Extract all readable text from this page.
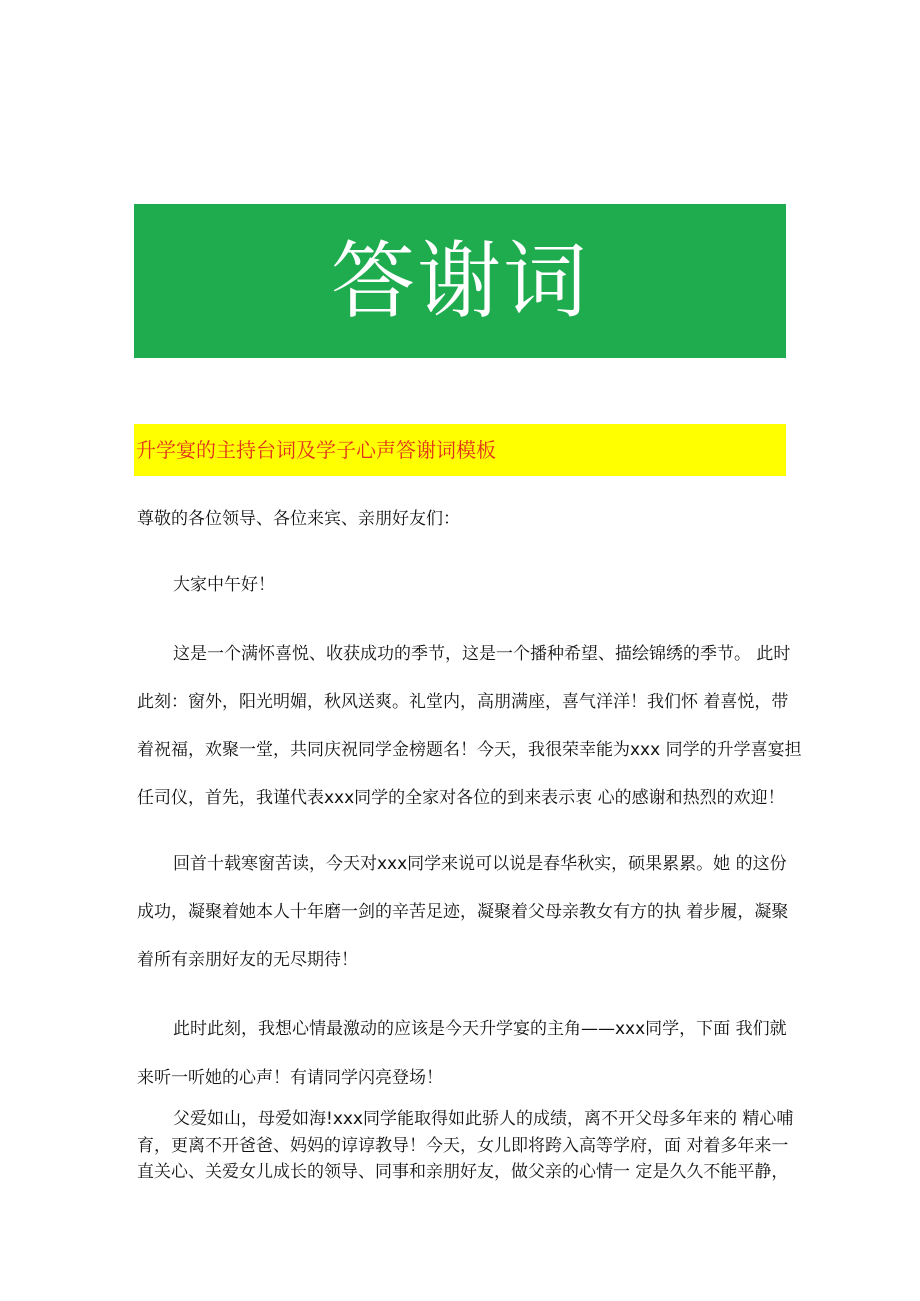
答谢词
升学宴的主持台词及学子心声答谢词模板
尊敬的各位领导、各位来宾、亲朋好友们：
大家中午好！
这是一个满怀喜悦、收获成功的季节，这是一个播种希望、描绘锦绣的季节。 此时
此刻：窗外，阳光明媚，秋风送爽。礼堂内，高朋满座，喜气洋洋！我们怀 着喜悦，带
着祝福，欢聚一堂，共同庆祝同学金榜题名！今天，我很荣幸能为xxx 同学的升学喜宴担
任司仪，首先，我谨代表xxx同学的全家对各位的到来表示衷 心的感谢和热烈的欢迎！
回首十载寒窗苦读，今天对xxx同学来说可以说是春华秋实，硕果累累。她 的这份
成功，凝聚着她本人十年磨一剑的辛苦足迹，凝聚着父母亲教女有方的执 着步履，凝聚
着所有亲朋好友的无尽期待！
此时此刻，我想心情最激动的应该是今天升学宴的主角——xxx同学，下面 我们就
来听一听她的心声！有请同学闪亮登场！
父爱如山，母爱如海!xxx同学能取得如此骄人的成绩，离不开父母多年来的 精心哺
育，更离不开爸爸、妈妈的谆谆教导！今天，女儿即将跨入高等学府，面 对着多年来一
直关心、关爱女儿成长的领导、同事和亲朋好友，做父亲的心情一 定是久久不能平静，
